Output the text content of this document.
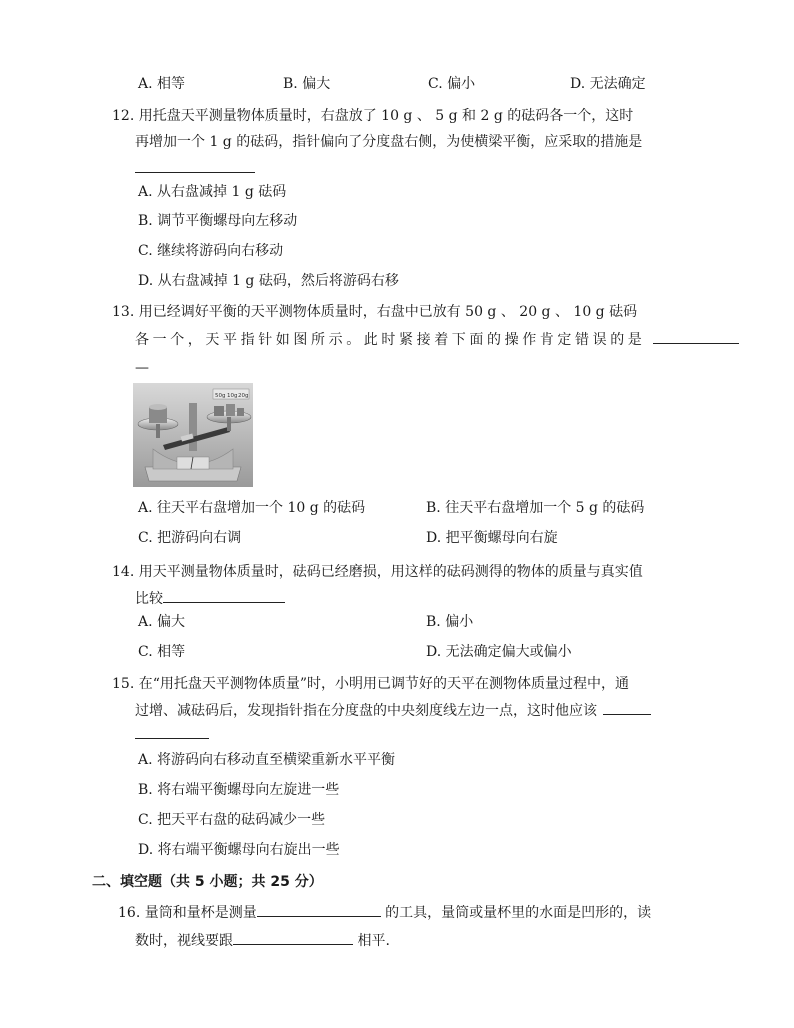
A. 相等	B. 偏大	C. 偏小	D. 无法确定
12. 用托盘天平测量物体质量时，右盘放了 10 g 、 5 g 和 2 g 的砝码各一个，这时
再增加一个 1 g 的砝码，指针偏向了分度盘右侧，为使横梁平衡，应采取的措施是
A. 从右盘减掉 1 g 砝码
B. 调节平衡螺母向左移动
C. 继续将游码向右移动
D. 从右盘减掉 1 g 砝码，然后将游码右移
13. 用已经调好平衡的天平测物体质量时，右盘中已放有 50 g 、 20 g 、 10 g 砝码
各一个，天平指针如图所示。此时紧接着下面的操作肯定错误的是
—
50g 10g 20g
A. 往天平右盘增加一个 10 g 的砝码	B. 往天平右盘增加一个 5 g 的砝码
C. 把游码向右调	D. 把平衡螺母向右旋
14. 用天平测量物体质量时，砝码已经磨损，用这样的砝码测得的物体的质量与真实值
比较
A. 偏大	B. 偏小
C. 相等	D. 无法确定偏大或偏小
15. 在“用托盘天平测物体质量”时，小明用已调节好的天平在测物体质量过程中，通
过增、减砝码后，发现指针指在分度盘的中央刻度线左边一点，这时他应该
A. 将游码向右移动直至横梁重新水平平衡
B. 将右端平衡螺母向左旋进一些
C. 把天平右盘的砝码减少一些
D. 将右端平衡螺母向右旋出一些
二、填空题（共 5 小题；共 25 分）
16. 量筒和量杯是测量	的工具，量筒或量杯里的水面是凹形的，读
数时，视线要跟	相平.
